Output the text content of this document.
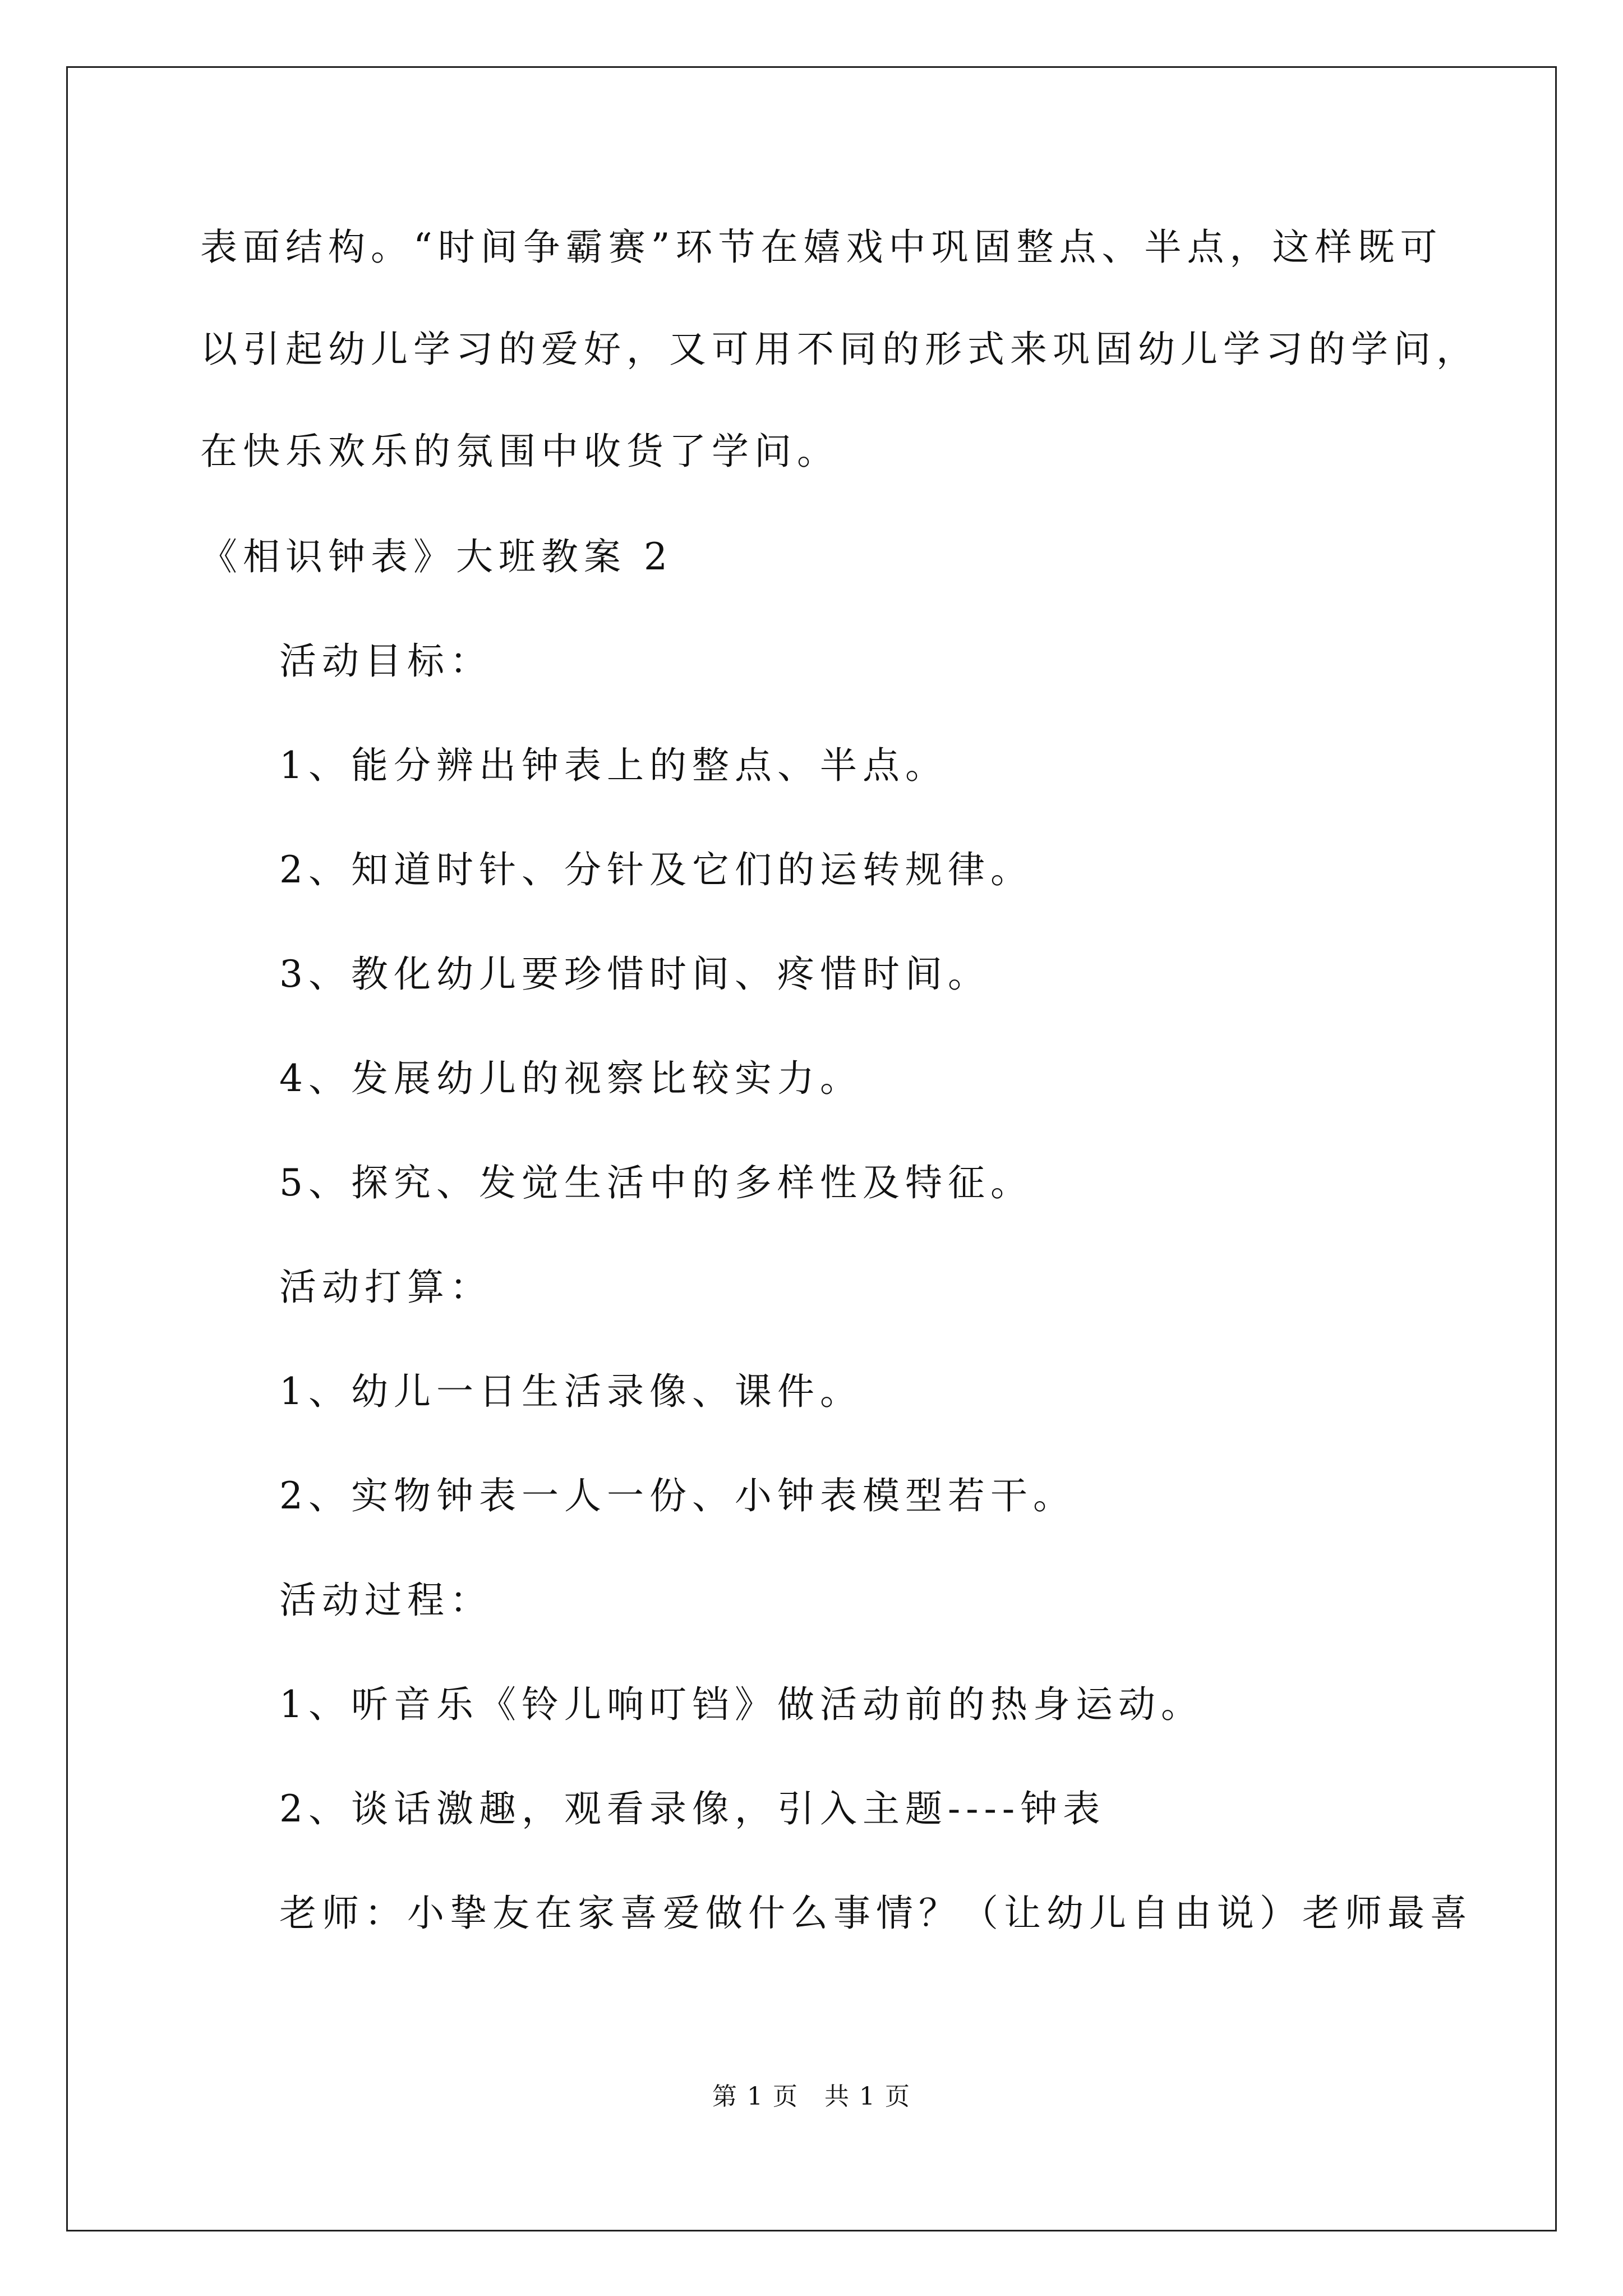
表面结构。“时间争霸赛”环节在嬉戏中巩固整点、半点，这样既可
以引起幼儿学习的爱好，又可用不同的形式来巩固幼儿学习的学问，
在快乐欢乐的氛围中收货了学问。
《相识钟表》大班教案 2
活动目标：
1、能分辨出钟表上的整点、半点。
2、知道时针、分针及它们的运转规律。
3、教化幼儿要珍惜时间、疼惜时间。
4、发展幼儿的视察比较实力。
5、探究、发觉生活中的多样性及特征。
活动打算：
1、幼儿一日生活录像、课件。
2、实物钟表一人一份、小钟表模型若干。
活动过程：
1、听音乐《铃儿响叮铛》做活动前的热身运动。
2、谈话激趣，观看录像，引入主题----钟表
老师：小挚友在家喜爱做什么事情？（让幼儿自由说）老师最喜
第 1 页　共 1 页
